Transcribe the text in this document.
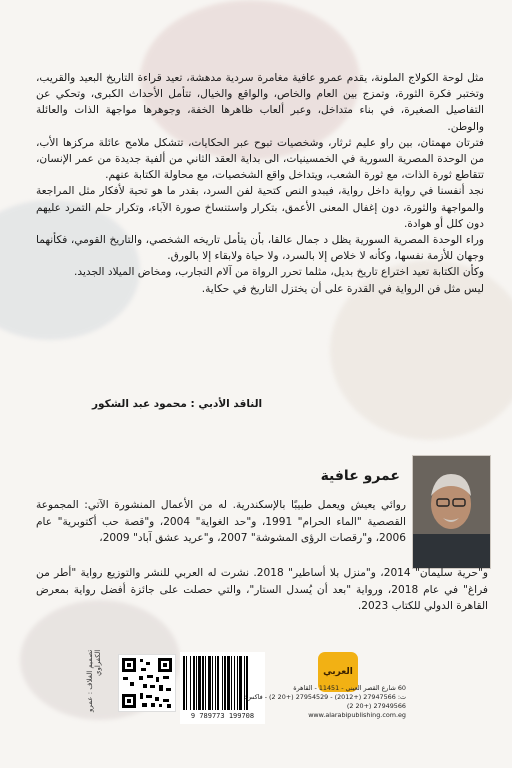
مثل لوحة الكولاج الملونة، يقدم عمرو عافية مغامرة سردية مدهشة، تعيد قراءة التاريخ البعيد والقريب، وتختبر فكرة الثورة، وتمزج بين العام والخاص، والواقع والخيال، تتأمل الأحداث الكبرى، وتحكي عن التفاصيل الصغيرة، في بناء متداخل، وعبر ألعاب ظاهرها الخفة، وجوهرها مواجهة الذات والعائلة والوطن.

فترتان مهمتان، بين راو عليم ثرثار، وشخصيات تبوح عبر الحكايات، تتشكل ملامح عائلة مركزها الأب، من الوحدة المصرية السورية في الخمسينيات، الى بداية العقد الثاني من ألفية جديدة من عمر الإنسان، تتقاطع ثورة الذات، مع ثورة الشعب، ويتداخل واقع الشخصيات، مع محاولة الكتابة عنهم.

نجد أنفسنا في رواية داخل رواية، فيبدو النص كتحية لفن السرد، بقدر ما هو تحية لأفكار مثل المراجعة والمواجهة والثورة، دون إغفال المعنى الأعمق، بتكرار واستنساخ صورة الآباء، وتكرار حلم التمرد عليهم دون كلل أو هوادة.

وراء الوحدة المصرية السورية يظل د جمال عالقا، بأن يتأمل تاريخه الشخصي، والتاريخ القومي، فكأنهما وجهان للأزمة نفسها، وكأنه لا خلاص إلا بالسرد، ولا حياة ولابقاء إلا بالورق.

وكأن الكتابة تعيد اختراع تاريخ بديل، مثلما تحرر الرواة من آلام التجارب، ومخاض الميلاد الجديد.

ليس مثل فن الرواية في القدرة على أن يختزل التاريخ في حكاية.

الناقد الأدبي : محمود عبد الشكور
عمرو عافية
روائي يعيش ويعمل طبيبًا بالإسكندرية. له من الأعمال المنشورة الآتي: المجموعة القصصية "الماء الحرام" 1991، و"حد الغواية" 2004، و"قصة حب أكتوبرية" عام 2006، و"رقصات الرؤى المشوشة" 2007، و"عريد عشق آباد" 2009،
و"حرية سليمان" 2014، و"منزل بلا أساطير" 2018. نشرت له العربي للنشر والتوزيع رواية "أطر من فراغ" في عام 2018، ورواية "بعد أن يُسدل الستار"، والتي حصلت على جائزة أفضل رواية بمعرض القاهرة الدولي للكتاب 2023.
تصميم الغلاف : عمرو الكفراوي
9 789773 199708
العربي
60 شارع القصر العيني - 11451 - القاهرة
ت: 27947566 (+2012) - 27954529 (+20 2) - فاكس: 27949566 (+20 2)
www.alarabipublishing.com.eg
